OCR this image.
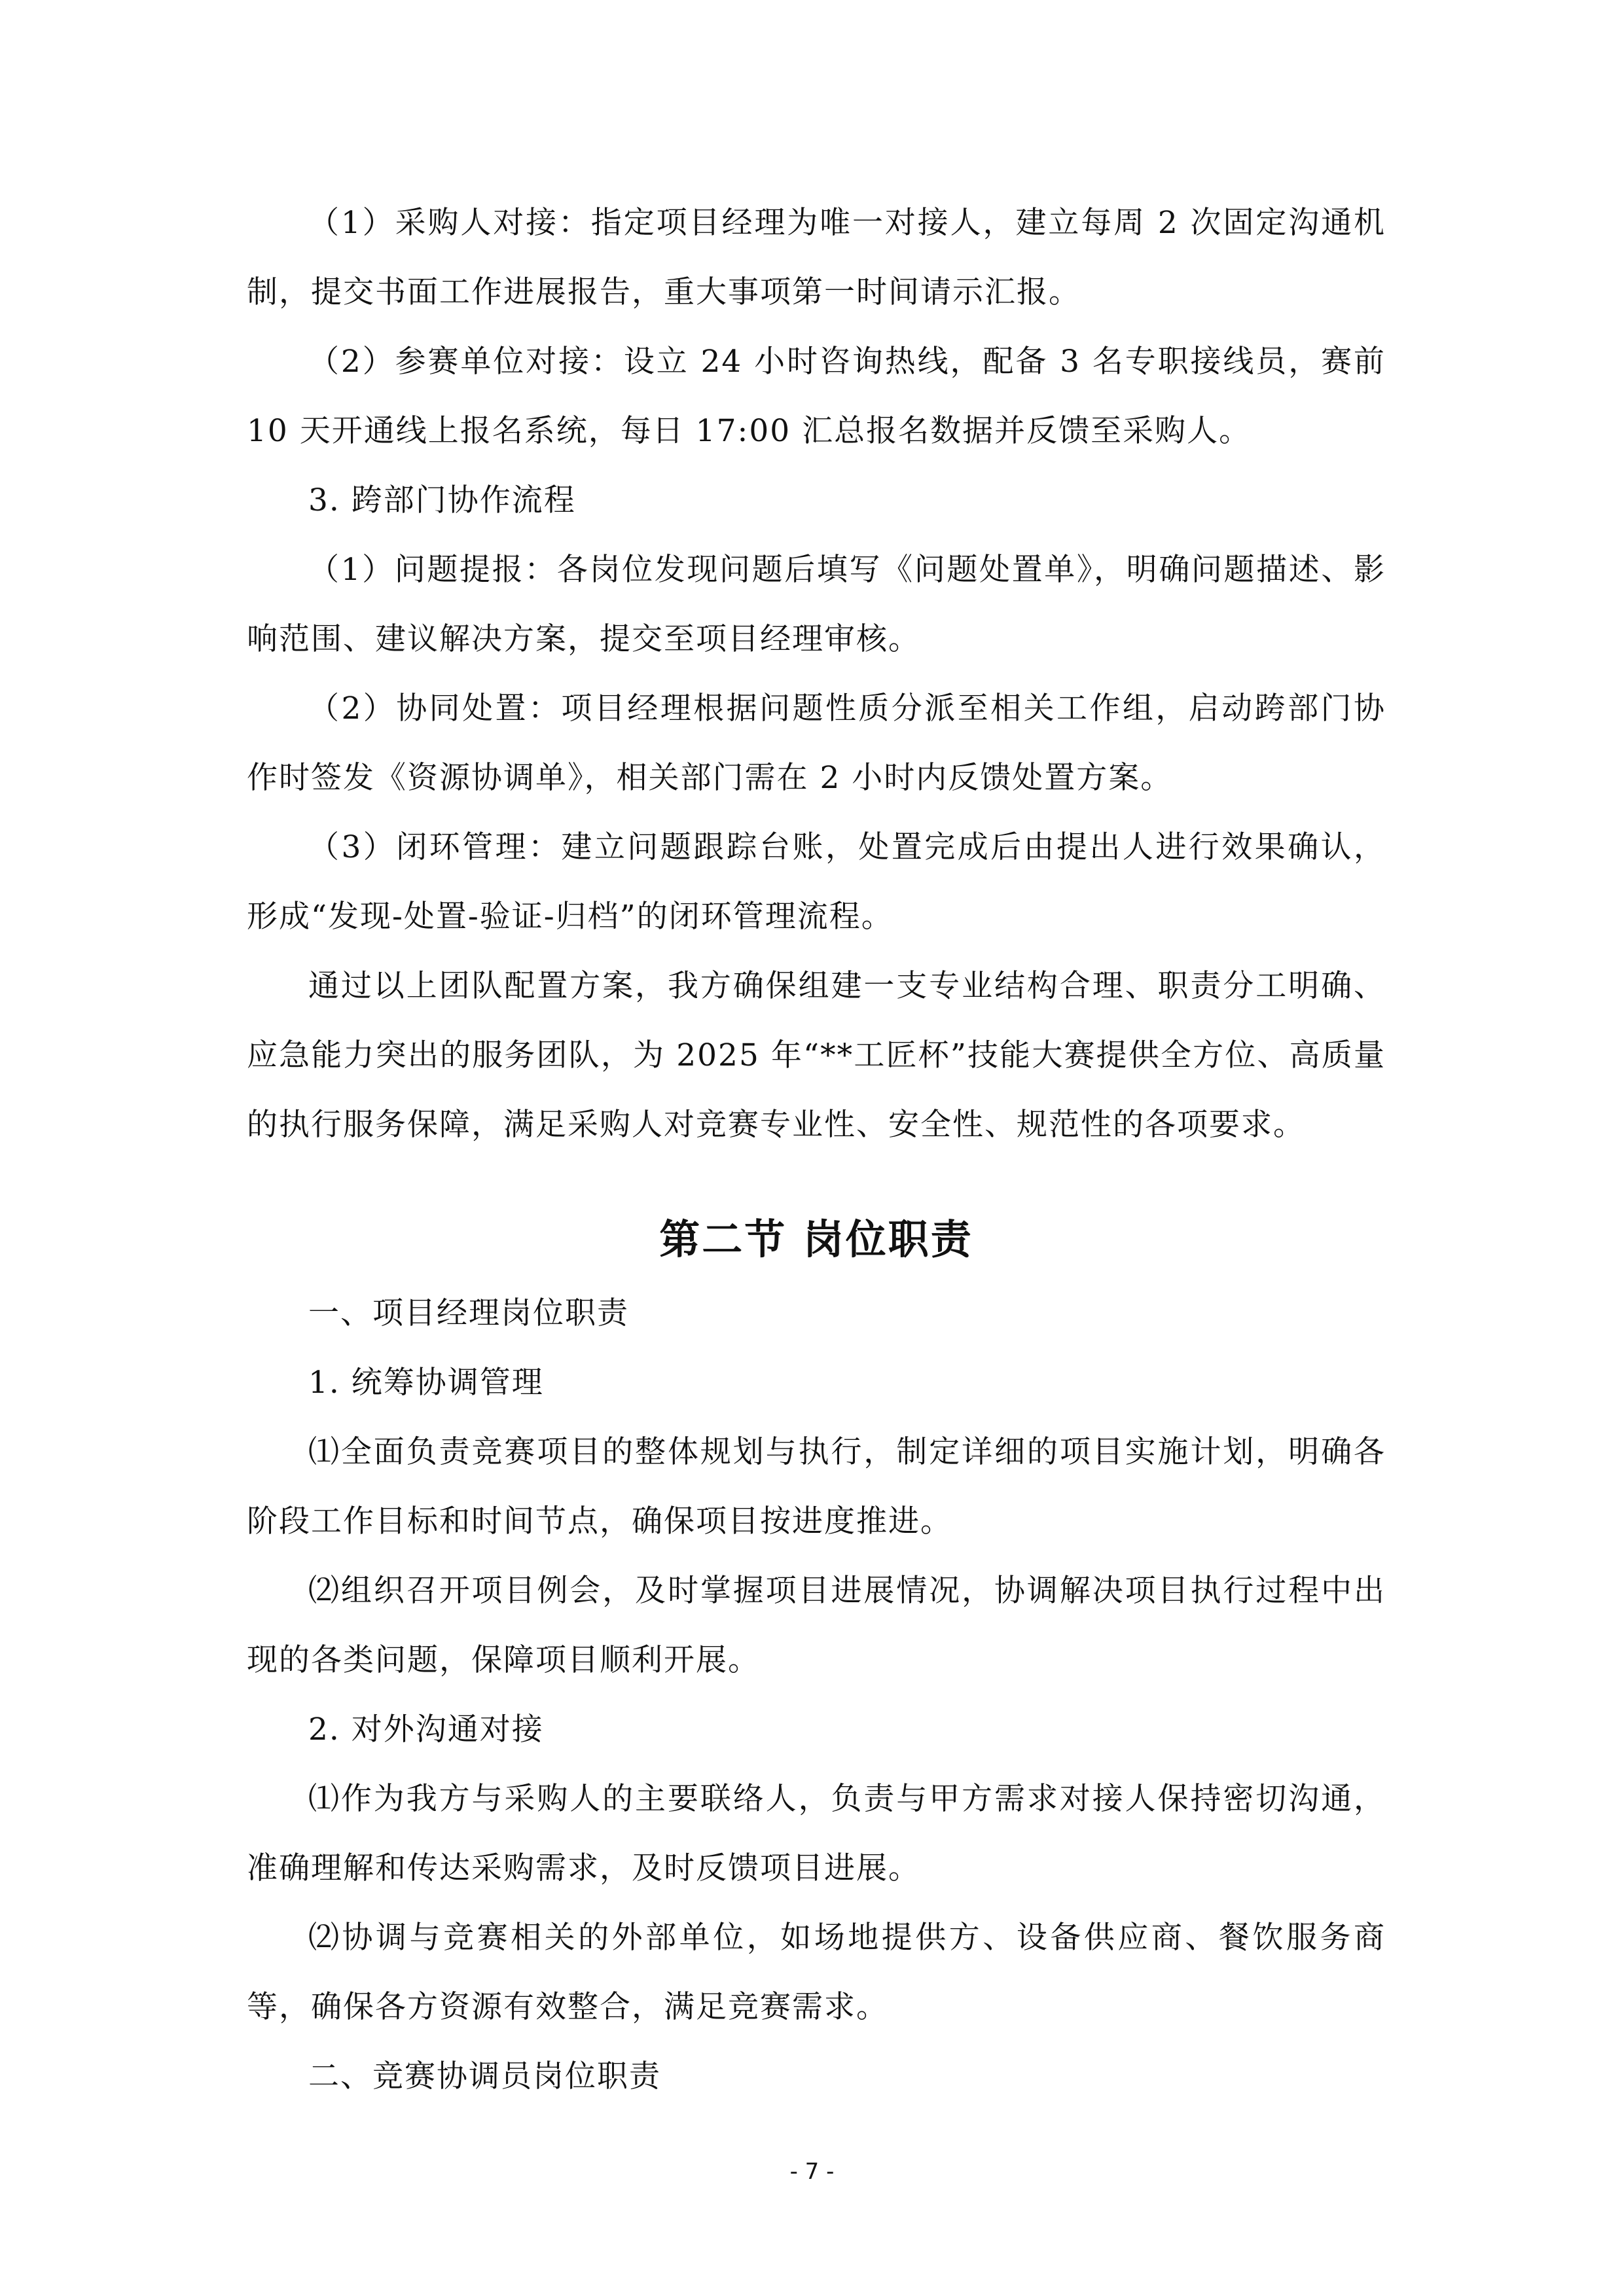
（1）采购人对接：指定项目经理为唯一对接人，建立每周 2 次固定沟通机制，提交书面工作进展报告，重大事项第一时间请示汇报。

（2）参赛单位对接：设立 24 小时咨询热线，配备 3 名专职接线员，赛前 10 天开通线上报名系统，每日 17:00 汇总报名数据并反馈至采购人。

3. 跨部门协作流程

（1）问题提报：各岗位发现问题后填写《问题处置单》，明确问题描述、影响范围、建议解决方案，提交至项目经理审核。

（2）协同处置：项目经理根据问题性质分派至相关工作组，启动跨部门协作时签发《资源协调单》，相关部门需在 2 小时内反馈处置方案。

（3）闭环管理：建立问题跟踪台账，处置完成后由提出人进行效果确认，形成“发现-处置-验证-归档”的闭环管理流程。

通过以上团队配置方案，我方确保组建一支专业结构合理、职责分工明确、应急能力突出的服务团队，为 2025 年“**工匠杯”技能大赛提供全方位、高质量的执行服务保障，满足采购人对竞赛专业性、安全性、规范性的各项要求。

第二节 岗位职责

一、项目经理岗位职责

1. 统筹协调管理

⑴全面负责竞赛项目的整体规划与执行，制定详细的项目实施计划，明确各阶段工作目标和时间节点，确保项目按进度推进。

⑵组织召开项目例会，及时掌握项目进展情况，协调解决项目执行过程中出现的各类问题，保障项目顺利开展。

2. 对外沟通对接

⑴作为我方与采购人的主要联络人，负责与甲方需求对接人保持密切沟通，准确理解和传达采购需求，及时反馈项目进展。

⑵协调与竞赛相关的外部单位，如场地提供方、设备供应商、餐饮服务商等，确保各方资源有效整合，满足竞赛需求。

二、竞赛协调员岗位职责

- 7 -
